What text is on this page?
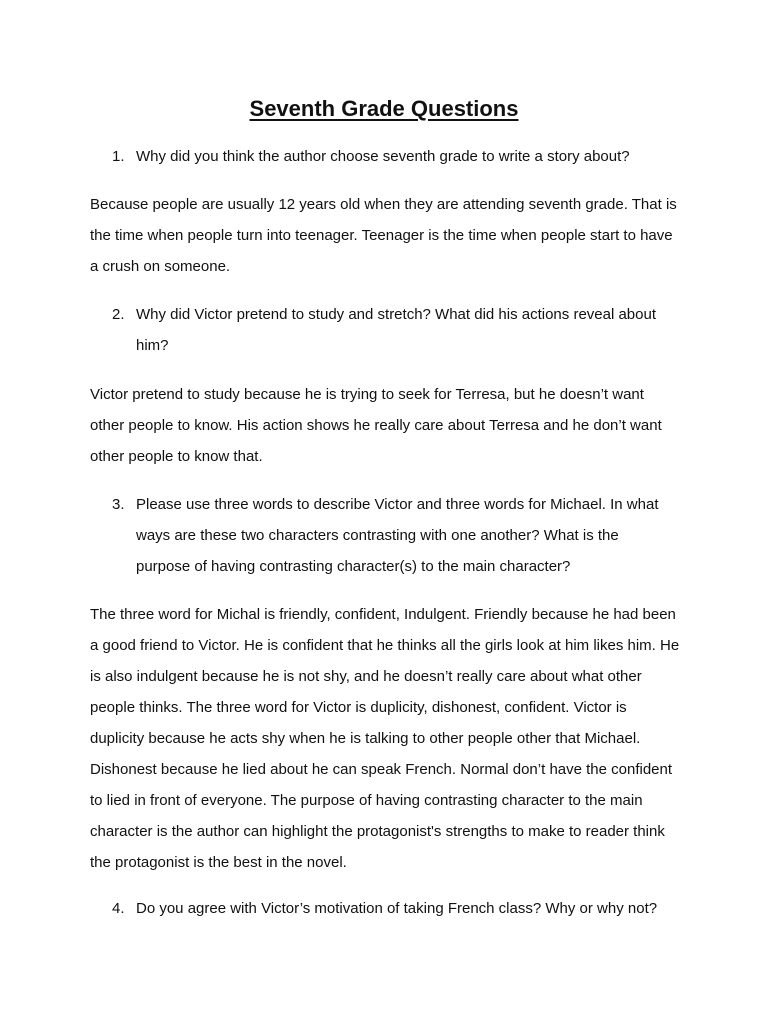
Seventh Grade Questions
1. Why did you think the author choose seventh grade to write a story about?

Because people are usually 12 years old when they are attending seventh grade. That is the time when people turn into teenager. Teenager is the time when people start to have a crush on someone.

2. Why did Victor pretend to study and stretch? What did his actions reveal about him?

Victor pretend to study because he is trying to seek for Terresa, but he doesn’t want other people to know. His action shows he really care about Terresa and he don’t want other people to know that.

3. Please use three words to describe Victor and three words for Michael. In what ways are these two characters contrasting with one another? What is the purpose of having contrasting character(s) to the main character?

The three word for Michal is friendly, confident, Indulgent. Friendly because he had been a good friend to Victor. He is confident that he thinks all the girls look at him likes him. He is also indulgent because he is not shy, and he doesn’t really care about what other people thinks. The three word for Victor is duplicity, dishonest, confident. Victor is duplicity because he acts shy when he is talking to other people other that Michael. Dishonest because he lied about he can speak French. Normal don’t have the confident to lied in front of everyone. The purpose of having contrasting character to the main character is the author can highlight the protagonist's strengths to make to reader think the protagonist is the best in the novel.

4. Do you agree with Victor’s motivation of taking French class? Why or why not?
